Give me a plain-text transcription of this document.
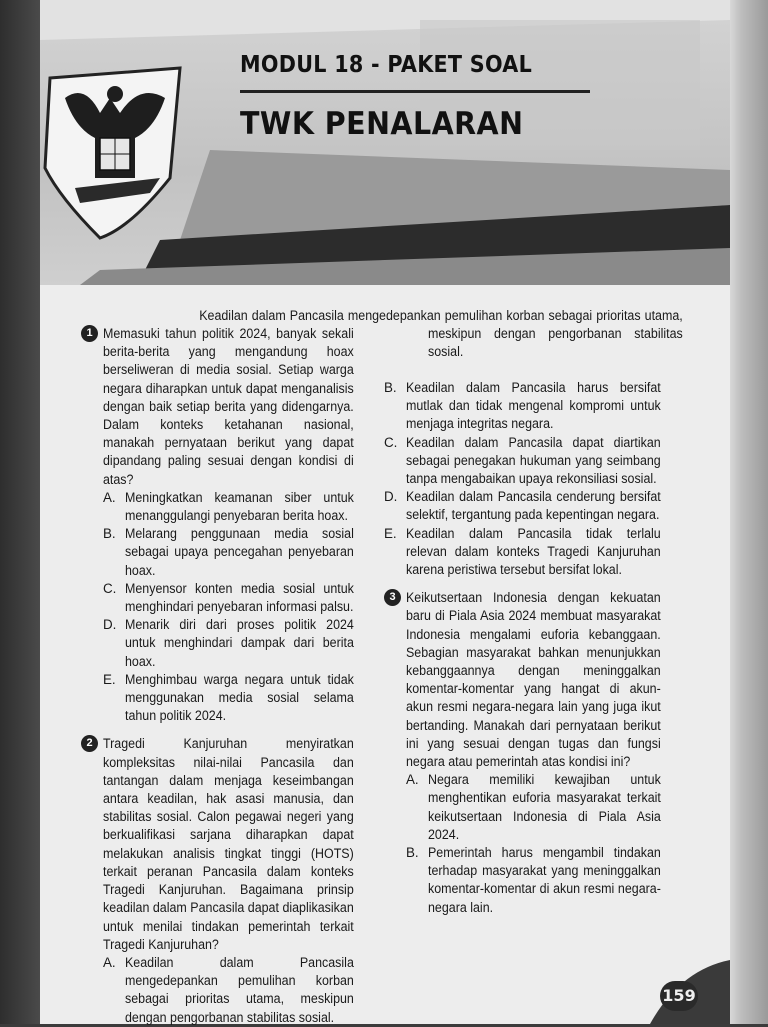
MODUL 18 - PAKET SOAL
TWK PENALARAN
159
1 Memasuki tahun politik 2024, banyak sekali berita-berita yang mengandung hoax berseliweran di media sosial. Setiap warga negara diharapkan untuk dapat menganalisis dengan baik setiap berita yang didengarnya. Dalam konteks ketahanan nasional, manakah pernyataan berikut yang dapat dipandang paling sesuai dengan kondisi di atas?
A. Meningkatkan keamanan siber untuk menanggulangi penyebaran berita hoax.
B. Melarang penggunaan media sosial sebagai upaya pencegahan penyebaran hoax.
C. Menyensor konten media sosial untuk menghindari penyebaran informasi palsu.
D. Menarik diri dari proses politik 2024 untuk menghindari dampak dari berita hoax.
E. Menghimbau warga negara untuk tidak menggunakan media sosial selama tahun politik 2024.
2 Tragedi Kanjuruhan menyiratkan kompleksitas nilai-nilai Pancasila dan tantangan dalam menjaga keseimbangan antara keadilan, hak asasi manusia, dan stabilitas sosial. Calon pegawai negeri yang berkualifikasi sarjana diharapkan dapat melakukan analisis tingkat tinggi (HOTS) terkait peranan Pancasila dalam konteks Tragedi Kanjuruhan. Bagaimana prinsip keadilan dalam Pancasila dapat diaplikasikan untuk menilai tindakan pemerintah terkait Tragedi Kanjuruhan?
A. Keadilan dalam Pancasila mengedepankan pemulihan korban sebagai prioritas utama, meskipun dengan pengorbanan stabilitas sosial.
Keadilan dalam Pancasila mengedepankan pemulihan korban sebagai prioritas utama, meskipun dengan pengorbanan stabilitas sosial.
B. Keadilan dalam Pancasila harus bersifat mutlak dan tidak mengenal kompromi untuk menjaga integritas negara.
C. Keadilan dalam Pancasila dapat diartikan sebagai penegakan hukuman yang seimbang tanpa mengabaikan upaya rekonsiliasi sosial.
D. Keadilan dalam Pancasila cenderung bersifat selektif, tergantung pada kepentingan negara.
E. Keadilan dalam Pancasila tidak terlalu relevan dalam konteks Tragedi Kanjuruhan karena peristiwa tersebut bersifat lokal.
3 Keikutsertaan Indonesia dengan kekuatan baru di Piala Asia 2024 membuat masyarakat Indonesia mengalami euforia kebanggaan. Sebagian masyarakat bahkan menunjukkan kebanggaannya dengan meninggalkan komentar-komentar yang hangat di akun-akun resmi negara-negara lain yang juga ikut bertanding. Manakah dari pernyataan berikut ini yang sesuai dengan tugas dan fungsi negara atau pemerintah atas kondisi ini?
A. Negara memiliki kewajiban untuk menghentikan euforia masyarakat terkait keikutsertaan Indonesia di Piala Asia 2024.
B. Pemerintah harus mengambil tindakan terhadap masyarakat yang meninggalkan komentar-komentar di akun resmi negara-negara lain.
